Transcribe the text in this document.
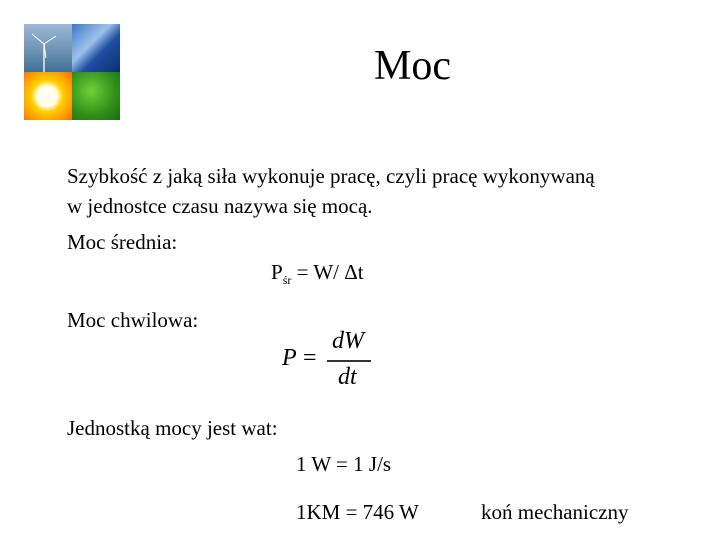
Moc
Szybkość z jaką siła wykonuje pracę, czyli pracę wykonywaną
w jednostce czasu nazywa się mocą.
Moc średnia:
$P_{śr} = W/$ Δt
Moc chwilowa:
P =
dW
dt
Jednostką mocy jest wat:
1 W = 1 J/s
1KM = 746 W	koń mechaniczny
